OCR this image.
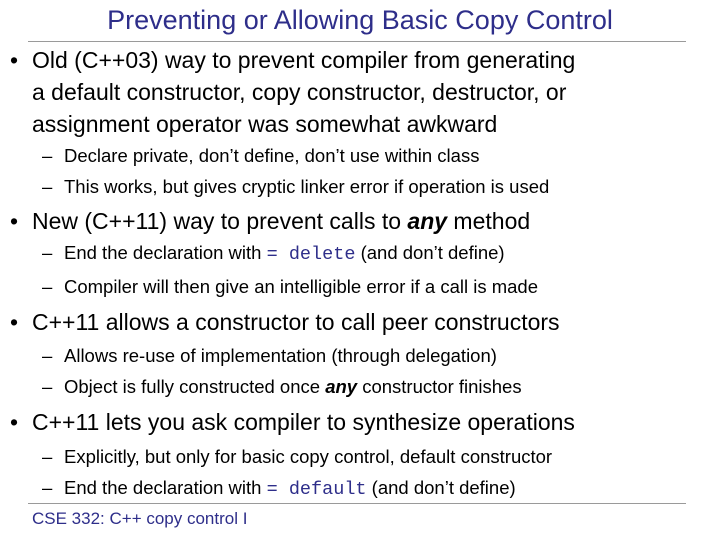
Preventing or Allowing Basic Copy Control
• Old (C++03) way to prevent compiler from generating
a default constructor, copy constructor, destructor, or
assignment operator was somewhat awkward
– Declare private, don’t define, don’t use within class
– This works, but gives cryptic linker error if operation is used
• New (C++11) way to prevent calls to any method
– End the declaration with = delete (and don’t define)
– Compiler will then give an intelligible error if a call is made
• C++11 allows a constructor to call peer constructors
– Allows re-use of implementation (through delegation)
– Object is fully constructed once any constructor finishes
• C++11 lets you ask compiler to synthesize operations
– Explicitly, but only for basic copy control, default constructor
– End the declaration with = default (and don’t define)
CSE 332: C++ copy control I
